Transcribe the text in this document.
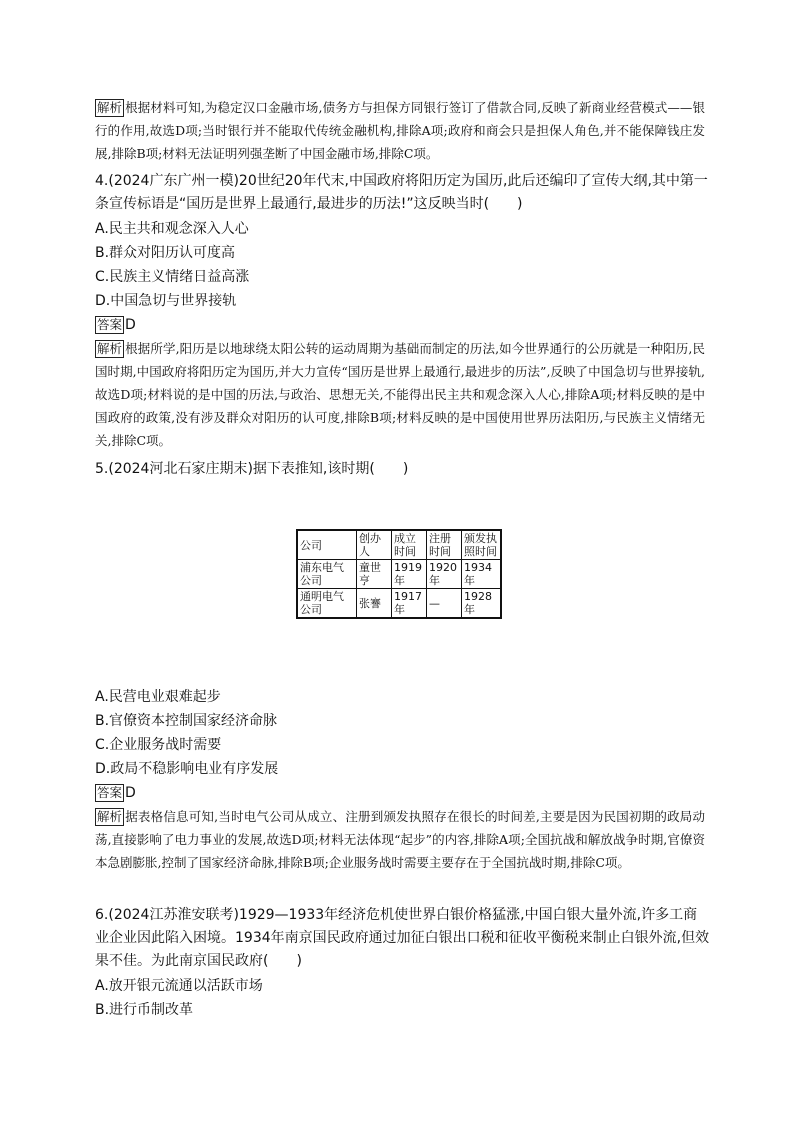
解析 根据材料可知,为稳定汉口金融市场,债务方与担保方同银行签订了借款合同,反映了新商业经营模式——银行的作用,故选D项;当时银行并不能取代传统金融机构,排除A项;政府和商会只是担保人角色,并不能保障钱庄发展,排除B项;材料无法证明列强垄断了中国金融市场,排除C项。
4.(2024广东广州一模)20世纪20年代末,中国政府将阳历定为国历,此后还编印了宣传大纲,其中第一条宣传标语是“国历是世界上最通行,最进步的历法!”这反映当时(　　)
A.民主共和观念深入人心
B.群众对阳历认可度高
C.民族主义情绪日益高涨
D.中国急切与世界接轨
答案 D
解析 根据所学,阳历是以地球绕太阳公转的运动周期为基础而制定的历法,如今世界通行的公历就是一种阳历,民国时期,中国政府将阳历定为国历,并大力宣传“国历是世界上最通行,最进步的历法”,反映了中国急切与世界接轨,故选D项;材料说的是中国的历法,与政治、思想无关,不能得出民主共和观念深入人心,排除A项;材料反映的是中国政府的政策,没有涉及群众对阳历的认可度,排除B项;材料反映的是中国使用世界历法阳历,与民族主义情绪无关,排除C项。
5.(2024河北石家庄期末)据下表推知,该时期(　　)
公司	创办人	成立时间	注册时间	颁发执照时间
浦东电气公司	童世亨	1919年	1920年	1934年
通明电气公司	张謇	1917年	—	1928年
A.民营电业艰难起步
B.官僚资本控制国家经济命脉
C.企业服务战时需要
D.政局不稳影响电业有序发展
答案 D
解析 据表格信息可知,当时电气公司从成立、注册到颁发执照存在很长的时间差,主要是因为民国初期的政局动荡,直接影响了电力事业的发展,故选D项;材料无法体现“起步”的内容,排除A项;全国抗战和解放战争时期,官僚资本急剧膨胀,控制了国家经济命脉,排除B项;企业服务战时需要主要存在于全国抗战时期,排除C项。
6.(2024江苏淮安联考)1929—1933年经济危机使世界白银价格猛涨,中国白银大量外流,许多工商业企业因此陷入困境。1934年南京国民政府通过加征白银出口税和征收平衡税来制止白银外流,但效果不佳。为此南京国民政府(　　)
A.放开银元流通以活跃市场
B.进行币制改革
